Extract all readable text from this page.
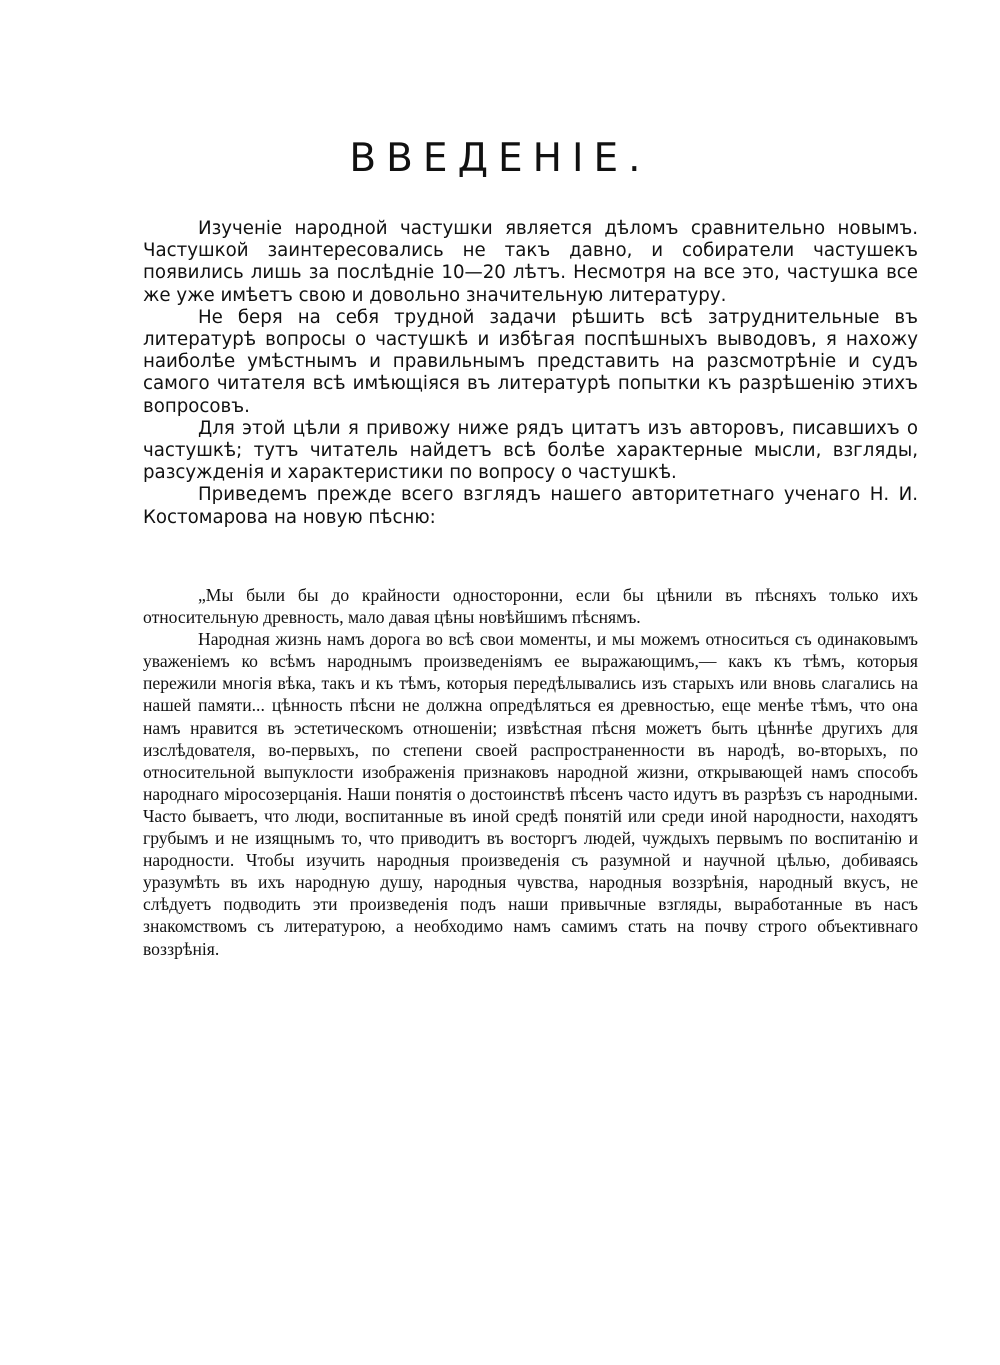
ВВЕДЕНІЕ.

Изученіе народной частушки является дѣломъ сравнительно новымъ. Частушкой заинтересовались не такъ давно, и собиратели частушекъ появились лишь за послѣдніе 10—20 лѣтъ. Несмотря на все это, частушка все же уже имѣетъ свою и довольно значительную литературу.

Не беря на себя трудной задачи рѣшить всѣ затруднительные въ литературѣ вопросы о частушкѣ и избѣгая поспѣшныхъ выводовъ, я нахожу наиболѣе умѣстнымъ и правильнымъ представить на разсмотрѣніе и судъ самого читателя всѣ имѣющіяся въ литературѣ попытки къ разрѣшенію этихъ вопросовъ.

Для этой цѣли я привожу ниже рядъ цитатъ изъ авторовъ, писавшихъ о частушкѣ; тутъ читатель найдетъ всѣ болѣе характерные мысли, взгляды, разсужденія и характеристики по вопросу о частушкѣ.

Приведемъ прежде всего взглядъ нашего авторитетнаго ученаго Н. И. Костомарова на новую пѣсню:

„Мы были бы до крайности односторонни, если бы цѣнили въ пѣсняхъ только ихъ относительную древность, мало давая цѣны новѣйшимъ пѣснямъ.

Народная жизнь намъ дорога во всѣ свои моменты, и мы можемъ относиться съ одинаковымъ уваженіемъ ко всѣмъ народнымъ произведеніямъ ее выражающимъ,— какъ къ тѣмъ, которыя пережили многія вѣка, такъ и къ тѣмъ, которыя передѣлывались изъ старыхъ или вновь слагались на нашей памяти... цѣнность пѣсни не должна опредѣляться ея древностью, еще менѣе тѣмъ, что она намъ нравится въ эстетическомъ отношеніи; извѣстная пѣсня можетъ быть цѣннѣе другихъ для изслѣдователя, во-первыхъ, по степени своей распространенности въ народѣ, во-вторыхъ, по относительной выпуклости изображенія признаковъ народной жизни, открывающей намъ способъ народнаго міросозерцанія. Наши понятія о достоинствѣ пѣсенъ часто идутъ въ разрѣзъ съ народными. Часто бываетъ, что люди, воспитанные въ иной средѣ понятій или среди иной народности, находятъ грубымъ и не изящнымъ то, что приводитъ въ восторгъ людей, чуждыхъ первымъ по воспитанію и народности. Чтобы изучить народныя произведенія съ разумной и научной цѣлью, добиваясь уразумѣть въ ихъ народную душу, народныя чувства, народныя воззрѣнія, народный вкусъ, не слѣдуетъ подводить эти произведенія подъ наши привычные взгляды, выработанные въ насъ знакомствомъ съ литературою, а необходимо намъ самимъ стать на почву строго объективнаго воззрѣнія.
